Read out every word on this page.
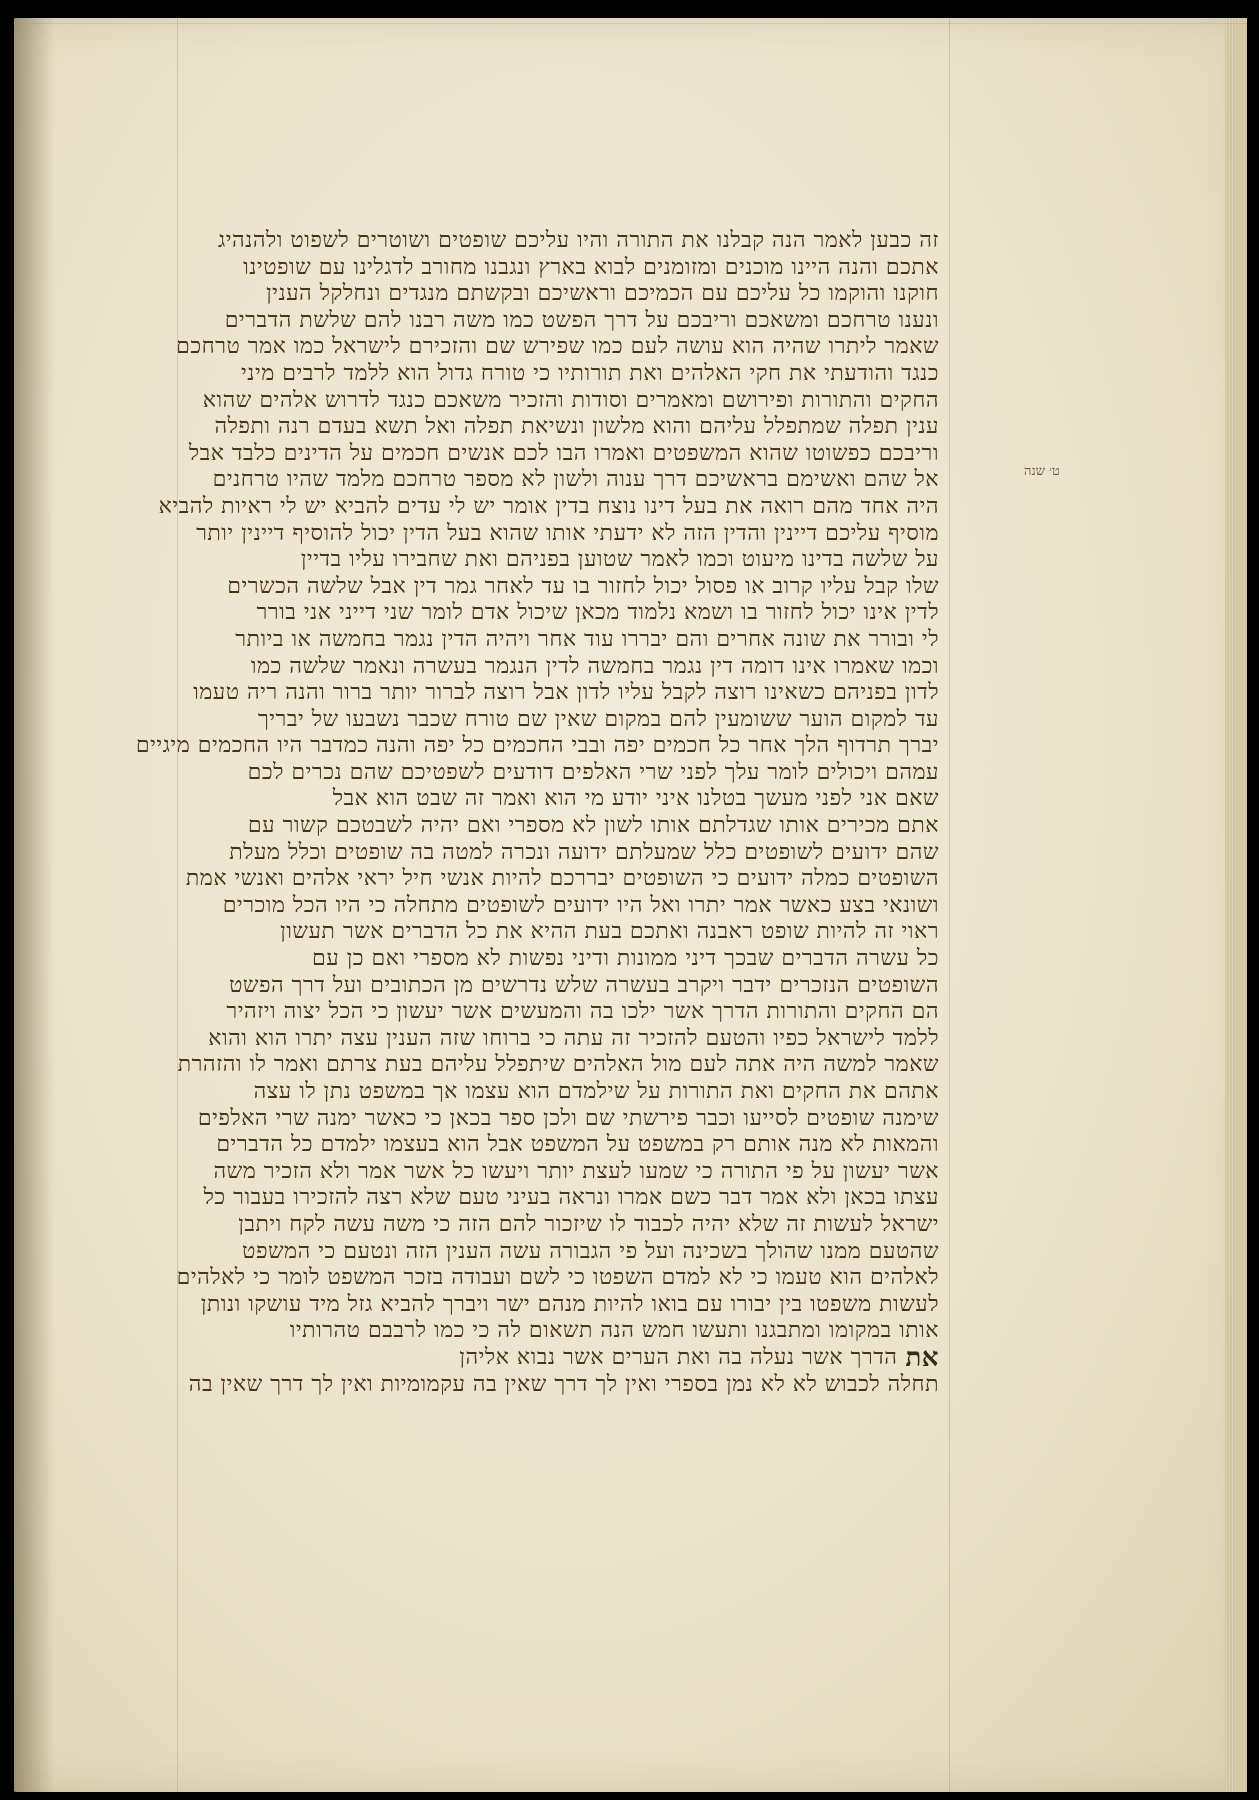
ט׳ שנה
זה כבען לאמר הנה קבלנו את התורה והיו עליכם שופטים ושוטרים לשפוט ולהנהיג
אתכם והנה היינו מוכנים ומזומנים לבוא בארץ ונגבנו מחורב לדגלינו עם שופטינו
חוקנו והוקמו כל עליכם עם הכמיכם וראשיכם ובקשתם מנגדים ונחלקל הענין
ונענו טרחכם ומשאכם וריבכם על דרך הפשט כמו משה רבנו להם שלשת הדברים
שאמר ליתרו שהיה הוא עושה לעם כמו שפירש שם והזכירם לישראל כמו אמר טרחכם
כנגד והודעתי את חקי האלהים ואת תורותיו כי טורח גדול הוא ללמד לרבים מיני
החקים והתורות ופירושם ומאמרים וסודות והזכיר משאכם כנגד לדרוש אלהים שהוא
ענין תפלה שמתפלל עליהם והוא מלשון ונשיאת תפלה ואל תשא בעדם רנה ותפלה
וריבכם כפשוטו שהוא המשפטים ואמרו הבו לכם אנשים חכמים על הדינים כלבד אבל
אל שהם ואשימם בראשיכם דרך ענוה ולשון לא מספר טרחכם מלמד שהיו טרחנים
היה אחד מהם רואה את בעל דינו נוצח בדין אומר יש לי עדים להביא יש לי ראיות להביא
מוסיף עליכם דיינין והדין הזה לא ידעתי אותו שהוא בעל הדין יכול להוסיף דיינין יותר
על שלשה בדינו מיעוט וכמו לאמר שטוען בפניהם ואת שחבירו עליו בדיין
שלו קבל עליו קרוב או פסול יכול לחזור בו עד לאחר גמר דין אבל שלשה הכשרים
לדין אינו יכול לחזור בו ושמא נלמוד מכאן שיכול אדם לומר שני דייני אני בורר
לי ובורר את שונה אחרים והם יבררו עוד אחר ויהיה הדין נגמר בחמשה או ביותר
וכמו שאמרו אינו דומה דין נגמר בחמשה לדין הנגמר בעשרה ונאמר שלשה כמו
לדון בפניהם כשאינו רוצה לקבל עליו לדון אבל רוצה לברור יותר ברור והנה ריה טעמו
עד למקום הוער ששומעין להם במקום שאין שם טורח שכבר נשבעו של יבריך
יברך תרדוף הלך אחר כל חכמים יפה ובבי החכמים כל יפה והנה כמדבר היו החכמים מיגיים
עמהם ויכולים לומר עלך לפני שרי האלפים דודעים לשפטיכם שהם נכרים לכם
שאם אני לפני מעשך בטלנו איני יודע מי הוא ואמר זה שבט הוא אבל
אתם מכירים אותו שגדלתם אותו לשון לא מספרי ואם יהיה לשבטכם קשור עם
שהם ידועים לשופטים כלל שמעלתם ידועה ונכרה למטה בה שופטים וכלל מעלת
השופטים כמלה ידועים כי השופטים יבררכם להיות אנשי חיל יראי אלהים ואנשי אמת
ושונאי בצע כאשר אמר יתרו ואל היו ידועים לשופטים מתחלה כי היו הכל מוכרים
ראוי זה להיות שופט ראבנה ואתכם בעת ההיא את כל הדברים אשר תעשון
כל עשרה הדברים שבכך דיני ממונות ודיני נפשות לא מספרי ואם כן עם
השופטים הנזכרים ידבר ויקרב בעשרה שלש נדרשים מן הכתובים ועל דרך הפשט
הם החקים והתורות הדרך אשר ילכו בה והמעשים אשר יעשון כי הכל יצוה ויזהיר
ללמד לישראל כפיו והטעם להזכיר זה עתה כי ברוחו שזה הענין עצה יתרו הוא והוא
שאמר למשה היה אתה לעם מול האלהים שיתפלל עליהם בעת צרתם ואמר לו והזהרת
אתהם את החקים ואת התורות על שילמדם הוא עצמו אך במשפט נתן לו עצה
שימנה שופטים לסייעו וכבר פירשתי שם ולכן ספר בכאן כי כאשר ימנה שרי האלפים
והמאות לא מנה אותם רק במשפט על המשפט אבל הוא בעצמו ילמדם כל הדברים
אשר יעשון על פי התורה כי שמעו לעצת יותר ויעשו כל אשר אמר ולא הזכיר משה
עצתו בכאן ולא אמר דבר כשם אמרו ונראה בעיני טעם שלא רצה להזכירו בעבור כל
ישראל לעשות זה שלא יהיה לכבוד לו שיזכור להם הזה כי משה עשה לקח ויתבן
שהטעם ממנו שהולך בשכינה ועל פי הגבורה עשה הענין הזה ונטעם כי המשפט
לאלהים הוא טעמו כי לא למדם השפטו כי לשם ועבודה בזכר המשפט לומר כי לאלהים
לעשות משפטו בין יבורו עם בואו להיות מנהם ישר ויברך להביא גזל מיד עושקו ונותן
אותו במקומו ומתבגנו ותעשו חמש הנה תשאום לה כי כמו לרבבם טהרותיו
את
הדרך אשר נעלה בה ואת הערים אשר נבוא אליהן
תחלה לכבוש לא לא נמן בספרי ואין לך דרך שאין בה עקמומיות ואין לך דרך שאין בה
